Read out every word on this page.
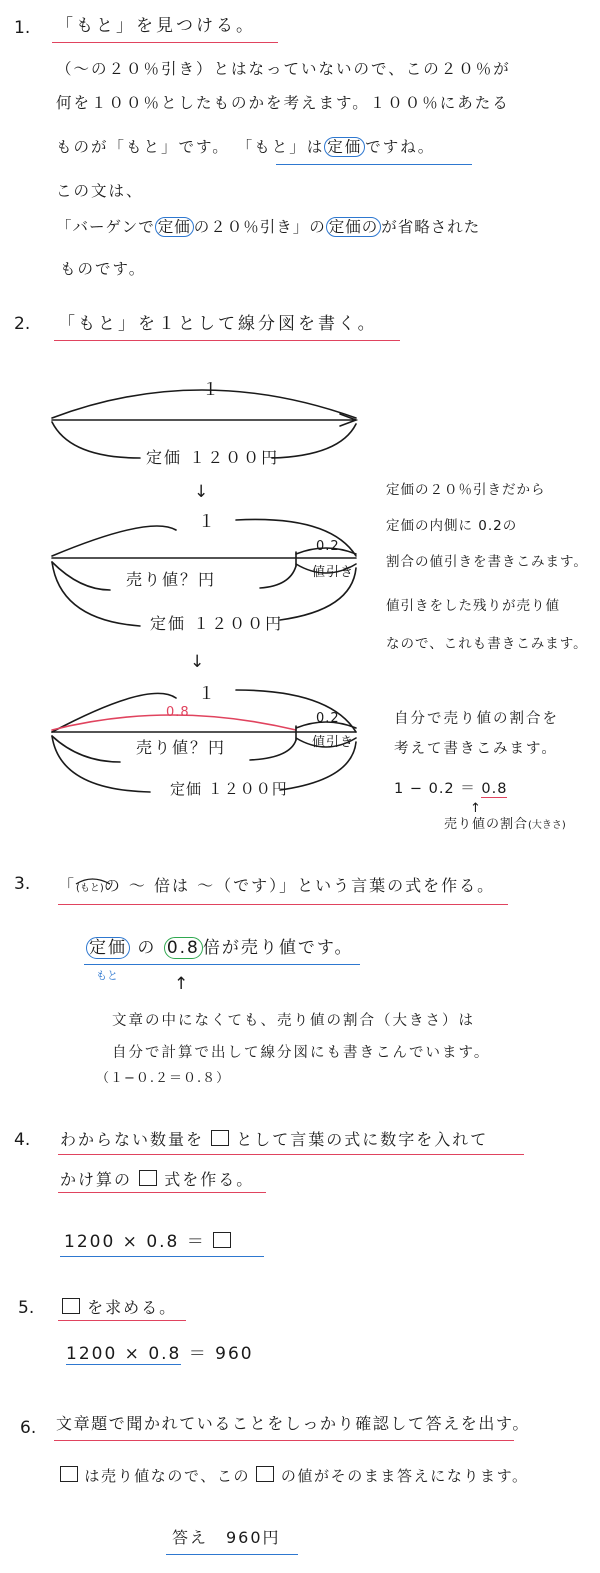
1. 「もと」を見つける。
（〜の２０％引き）とはなっていないので、この２０％が
何を１００％としたものかを考えます。１００％にあたる
ものが「もと」です。 「もと」は 定価 ですね。
この文は、
「バーゲンで 定価 の２０％引き」の 定価の が省略された
ものです。
2. 「もと」を１として線分図を書く。
１
定価 １２００円
↓
１
0.2
値引き
売り値？円
定価 １２００円
↓
１
0.8	0.2
値引き
売り値？円
定価 １２００円
定価の２０％引きだから
定価の内側に 0.2の
割合の値引きを書きこみます。
値引きをした残りが売り値
なので、これも書きこみます。
自分で売り値の割合を
考えて書きこみます。
1 − 0.2 ＝ 0.8
↑
売り値の割合(大きさ)
3. 「(もと)の 〜 倍は 〜（です）」という言葉の式を作る。
定価 の 0.8 倍が売り値です。
もと	↑
文章の中になくても、売り値の割合（大きさ）は
自分で計算で出して線分図にも書きこんでいます。
（１−０.２＝０.８）
4. わからない数量を として言葉の式に数字を入れて
かけ算の 式を作る。
1200 × 0.8 ＝
5.	を求める。
1200 × 0.8 ＝ 960
6. 文章題で聞かれていることをしっかり確認して答えを出す。
は売り値なので、この の値がそのまま答えになります。
答え　960円
